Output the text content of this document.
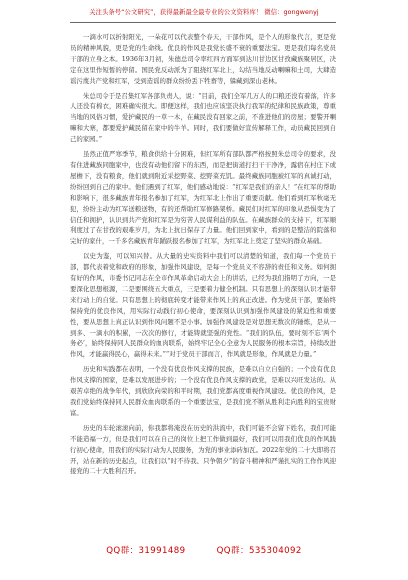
关注头条号“公文研究”，获得最新最全最专业的公文资料库！ 微信：gongwenyj

一滴水可以折射阳光，一朵花可以代表整个春天，干部作风，是个人的形象代言，更是党员的精神风貌，更是党的生命线。优良的作风是我党长盛不衰的重要法宝。更是我们每名党员干部的立身之本。1936年3月初，朱德总司令率红四方面军到达川甘边区甘孜藏族聚居区，决定在这里作短暂的停留。国民党反动派为了阻挠红军北上，勾结当地反动喇嘛和土司，大肆造谣污蔑共产党和红军，受到造谣的群众纷纷丢下牲畜等，躲藏到深山老林。

朱总司令于是召集红军各部负责人，说：“目前，我们全军几万人的口粮还没有着落，许多人还没有棉衣，困难确实很大。即便这样，我们也应该坚决执行我军的纪律和民族政策，尊重当地的风俗习惯，爱护藏民的一草一木，在藏民没有回家之前，不准进他们的房屋；要警开喇嘛和大寨，都要爱护藏民留在家中的牛羊。同时，我们要做好宣传解释工作，动员藏民回到自己的家园。”

虽然正值严寒季节，粮食供给十分困难，但红军所有部队都严格按照朱总司令的要求，没有住进藏族同胞家中，也没有动他们留下的东西，而是把街道打扫干干净净，露宿在村庄下或屋檐下，没有粮食，他们就到附近采挖野菜、挖野菜充饥。最终藏族同胞被红军的真诚打动，纷纷回到自己的家中。他们遇到了红军，他们感动地说：“红军是我们的亲人！”在红军的帮助和影响下，很多藏族青年报名参加了红军，为红军北上作出了重要贡献。他们看到红军秋毫无犯，纷纷主动为红军送粮送物，有的还帮助红军修路架桥。藏民们对红军的印象从恐惧变为了信任和拥护，认识到共产党和红军是为穷苦人民谋利益的队伍。在藏族群众的支持下，红军顺利度过了在甘孜的艰难岁月，为北上抗日保存了力量。他们回到家中，看到的是整洁的院落和完好的家什，一千多名藏族青年踊跃报名参加了红军，为红军北上奠定了坚实的群众基础。

以史为鉴，可以知兴替。从大量的史实资料中我们可以清楚的知道，我们每一个党员干部，都代表着党和政府的形象，加强作风建设，是每一个党员义不容辞的责任和义务。如何拥有好的作风，市委书记同志在全市作风革命启动大会上的讲话，已经为我们指明了方向，一是要深化思想根源，二是要围绕五大重点，三是要着力健全机制。只有思想上的深刻认识才能带来行动上的自觉。只有思想上的彻底转变才能带来作风上的真正改进。作为党员干部，要始终保持党的优良作风，用实际行动践行初心使命，要深刻认识到加强作风建设的紧迫性和重要性，要从思想上真正认识到作风问题不是小事。加强作风建设是对思想无数次的锤炼，是从一到多、一滴水的积累，一次次的修行，才能铸就坚强的党性。“我们的队伍，要时刻不忘‘两个务必’，始终保持同人民群众的血肉联系，始终牢记全心全意为人民服务的根本宗旨，持续改进作风，才能赢得民心，赢得未来。”“对于党员干部而言，作风就是形象，作风就是力量。”

历史和实践都在表明，一个没有优良作风支撑的民族，是难以自立自强的；一个没有优良作风支撑的国家，是难以发展进步的；一个没有优良作风支撑的政党，是难以兴旺发达的。从艰苦卓绝的战争年代，到欣欣向荣的和平时期，我们党都高度重视作风建设。优良的作风，是我们党始终保持同人民群众血肉联系的一个重要法宝，是我们党不断从胜利走向胜利的宝贵财富。

历史的车轮滚滚向前，你我都将淹没在历史的洪流中，我们可能不会留下姓名，我们可能不能造福一方，但是我们可以在自己的岗位上把工作做到最好，我们可以用我们优良的作风践行初心使命，用我们的实际行动为人民服务，为党的事业添砖加瓦。2022年党的二十大即将召开，站在新的历史起点，让我们以“时不待我、只争朝夕”的奋斗精神和严谨扎实的工作作风迎接党的二十大胜利召开。

QQ群：31991489	QQ群：535304092
